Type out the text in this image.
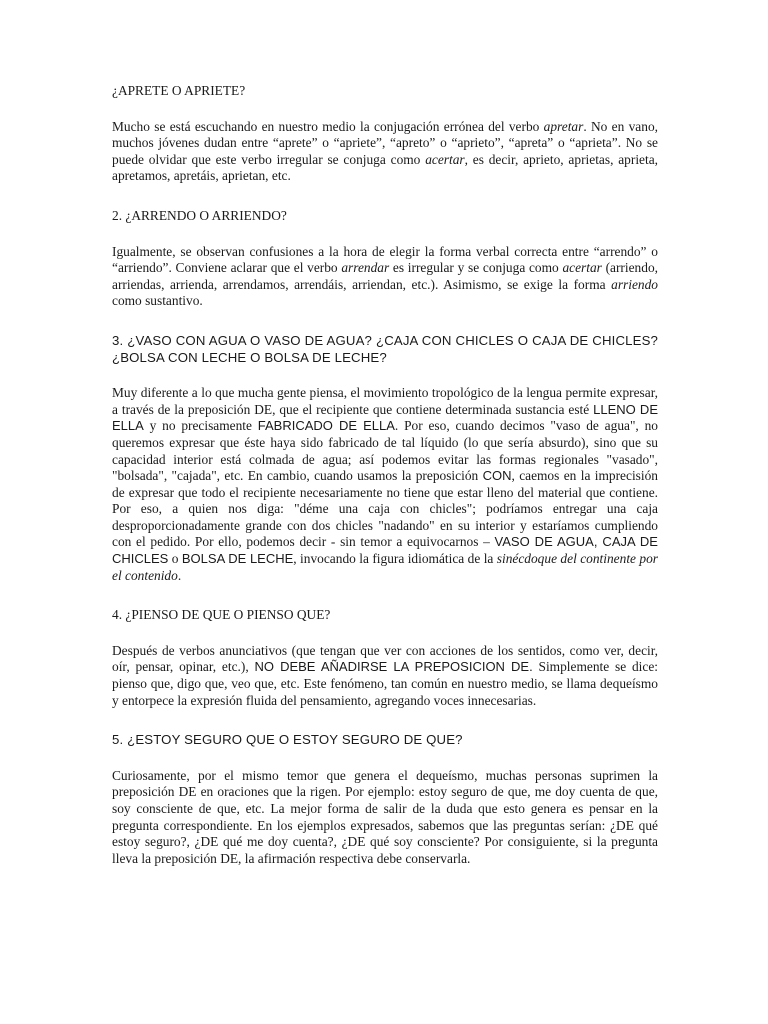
¿APRETE O APRIETE?
Mucho se está escuchando en nuestro medio la conjugación errónea del verbo apretar. No en vano, muchos jóvenes dudan entre “aprete” o “apriete”, “apreto” o “aprieto”, “apreta” o “aprieta”. No se puede olvidar que este verbo irregular se conjuga como acertar, es decir, aprieto, aprietas, aprieta, apretamos, apretáis, aprietan, etc.
2. ¿ARRENDO O ARRIENDO?
Igualmente, se observan confusiones a la hora de elegir la forma verbal correcta entre “arrendo” o “arriendo”. Conviene aclarar que el verbo arrendar es irregular y se conjuga como acertar (arriendo, arriendas, arrienda, arrendamos, arrendáis, arriendan, etc.). Asimismo, se exige la forma arriendo como sustantivo.
3. ¿VASO CON AGUA O VASO DE AGUA? ¿CAJA CON CHICLES O CAJA DE CHICLES? ¿BOLSA CON LECHE O BOLSA DE LECHE?
Muy diferente a lo que mucha gente piensa, el movimiento tropológico de la lengua permite expresar, a través de la preposición DE, que el recipiente que contiene determinada sustancia esté LLENO DE ELLA y no precisamente FABRICADO DE ELLA. Por eso, cuando decimos "vaso de agua", no queremos expresar que éste haya sido fabricado de tal líquido (lo que sería absurdo), sino que su capacidad interior está colmada de agua; así podemos evitar las formas regionales "vasado", "bolsada", "cajada", etc. En cambio, cuando usamos la preposición CON, caemos en la imprecisión de expresar que todo el recipiente necesariamente no tiene que estar lleno del material que contiene. Por eso, a quien nos diga: "déme una caja con chicles"; podríamos entregar una caja desproporcionadamente grande con dos chicles "nadando" en su interior y estaríamos cumpliendo con el pedido. Por ello, podemos decir - sin temor a equivocarnos – VASO DE AGUA, CAJA DE CHICLES o BOLSA DE LECHE, invocando la figura idiomática de la sinécdoque del continente por el contenido.
4. ¿PIENSO DE QUE O PIENSO QUE?
Después de verbos anunciativos (que tengan que ver con acciones de los sentidos, como ver, decir, oír, pensar, opinar, etc.), NO DEBE AÑADIRSE LA PREPOSICION DE. Simplemente se dice: pienso que, digo que, veo que, etc. Este fenómeno, tan común en nuestro medio, se llama dequeísmo y entorpece la expresión fluida del pensamiento, agregando voces innecesarias.
5. ¿ESTOY SEGURO QUE O ESTOY SEGURO DE QUE?
Curiosamente, por el mismo temor que genera el dequeísmo, muchas personas suprimen la preposición DE en oraciones que la rigen. Por ejemplo: estoy seguro de que, me doy cuenta de que, soy consciente de que, etc. La mejor forma de salir de la duda que esto genera es pensar en la pregunta correspondiente. En los ejemplos expresados, sabemos que las preguntas serían: ¿DE qué estoy seguro?, ¿DE qué me doy cuenta?, ¿DE qué soy consciente? Por consiguiente, si la pregunta lleva la preposición DE, la afirmación respectiva debe conservarla.
